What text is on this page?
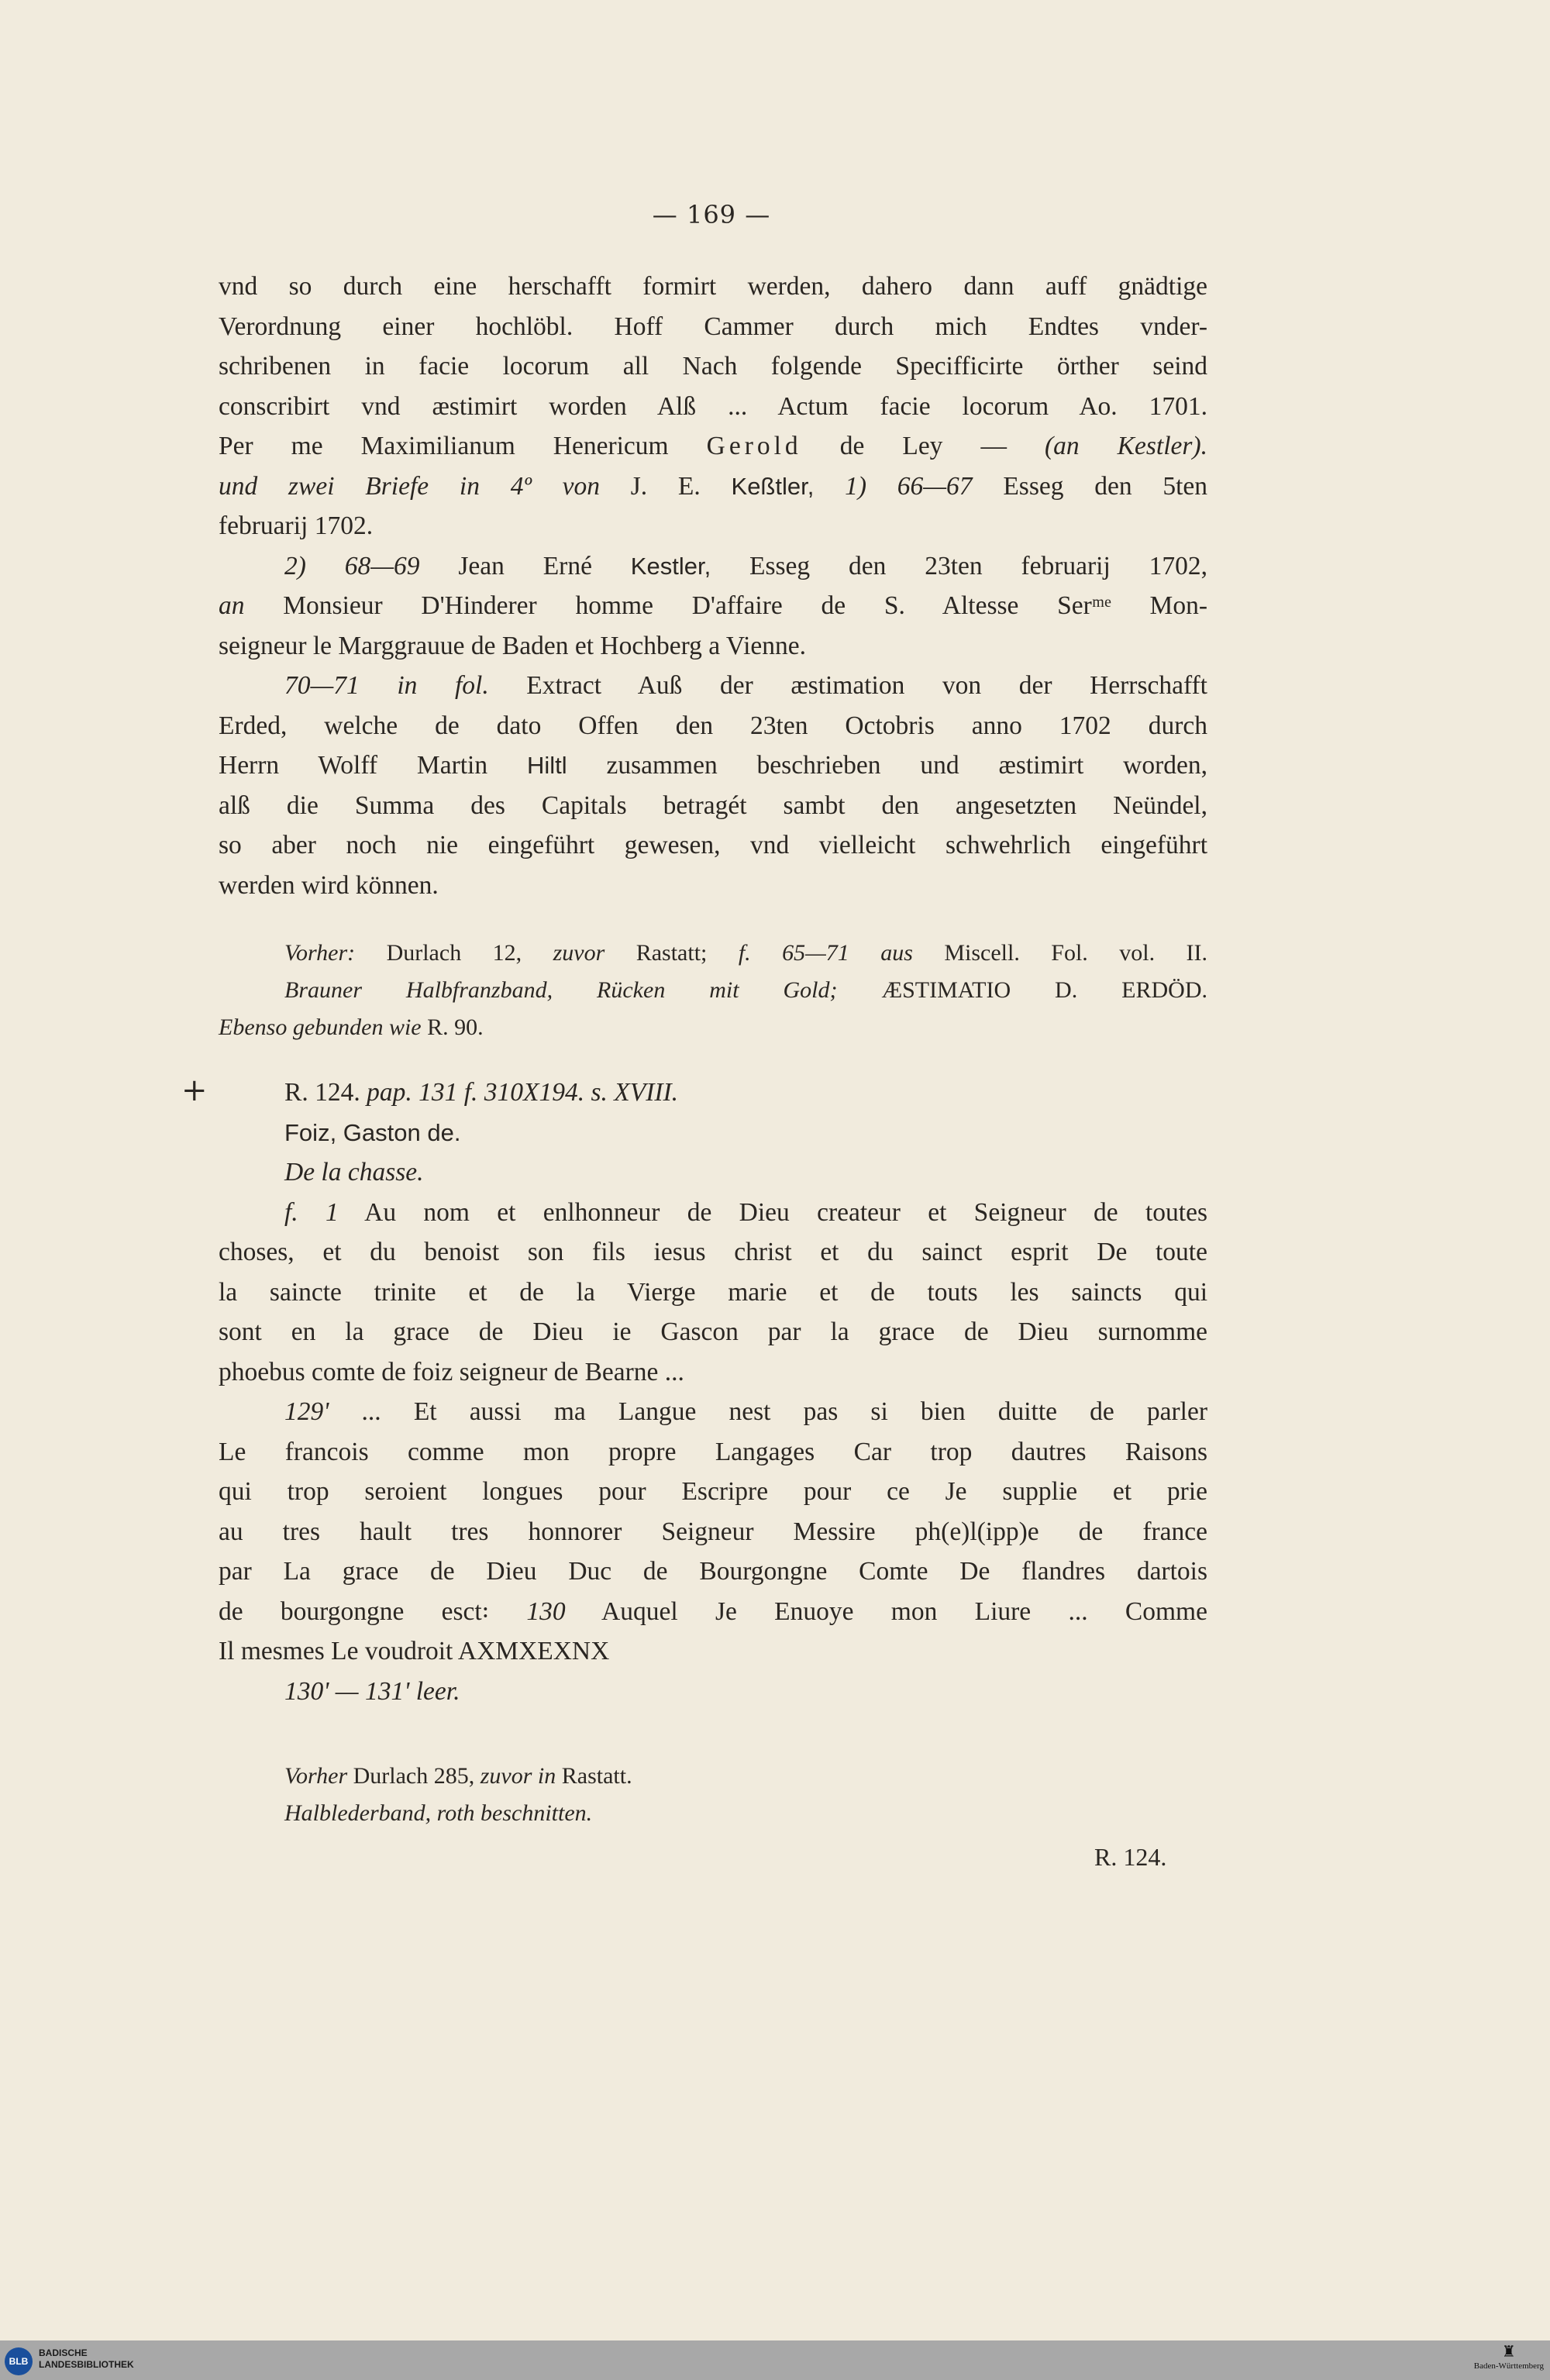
— 169 —
vnd so durch eine herschafft formirt werden, dahero dann auff gnädtige
Verordnung einer hochlöbl. Hoff Cammer durch mich Endtes vnder-
schribenen in facie locorum all Nach folgende Specifficirte örther seind
conscribirt vnd æstimirt worden Alß ... Actum facie locorum Ao. 1701.
Per me Maximilianum Henericum Gerold de Ley — (an Kestler).
und zwei Briefe in 4º von J. E. Keßtler, 1) 66—67 Esseg den 5ten
februarij 1702.
2) 68—69 Jean Erné Kestler, Esseg den 23ten februarij 1702,
an Monsieur D'Hinderer homme D'affaire de S. Altesse Serᵐᵉ Mon-
seigneur le Marggrauue de Baden et Hochberg a Vienne.
70—71 in fol. Extract Auß der æstimation von der Herrschafft
Erded, welche de dato Offen den 23ten Octobris anno 1702 durch
Herrn Wolff Martin Hiltl zusammen beschrieben und æstimirt worden,
alß die Summa des Capitals betragét sambt den angesetzten Neündel,
so aber noch nie eingeführt gewesen, vnd vielleicht schwehrlich eingeführt
werden wird können.
Vorher: Durlach 12, zuvor Rastatt; f. 65—71 aus Miscell. Fol. vol. II.
Brauner Halbfranzband, Rücken mit Gold; ÆSTIMATIO D. ERDÖD.
Ebenso gebunden wie R. 90.
+	R. 124. pap. 131 f. 310X194. s. XVIII.
Foiz, Gaston de.
De la chasse.
f. 1 Au nom et enlhonneur de Dieu createur et Seigneur de toutes
choses, et du benoist son fils iesus christ et du sainct esprit De toute
la saincte trinite et de la Vierge marie et de touts les saincts qui
sont en la grace de Dieu ie Gascon par la grace de Dieu surnomme
phoebus comte de foiz seigneur de Bearne ...
129' ... Et aussi ma Langue nest pas si bien duitte de parler
Le francois comme mon propre Langages Car trop dautres Raisons
qui trop seroient longues pour Escripre pour ce Je supplie et prie
au tres hault tres honnorer Seigneur Messire ph(e)l(ipp)e de france
par La grace de Dieu Duc de Bourgongne Comte De flandres dartois
de bourgongne esct꞉ 130 Auquel Je Enuoye mon Liure ... Comme
Il mesmes Le voudroit AXMXEXNX
130' — 131' leer.
Vorher Durlach 285, zuvor in Rastatt.
Halblederband, roth beschnitten.
R. 124.
BLB
BADISCHE
LANDESBIBLIOTHEK
♜
Baden-Württemberg
